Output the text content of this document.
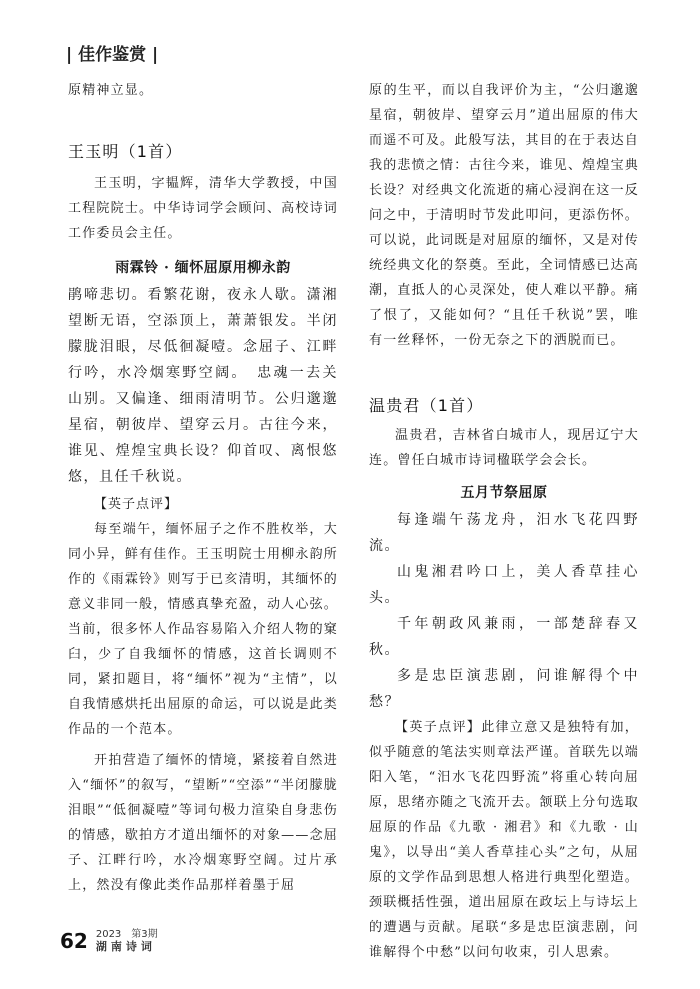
| 佳作鉴赏 |

原精神立显。

王玉明（1首）

王玉明，字韫辉，清华大学教授，中国工程院院士。中华诗词学会顾问、高校诗词工作委员会主任。

雨霖铃 · 缅怀屈原用柳永韵

鹃啼悲切。看繁花谢，夜永人歇。潇湘望断无语，空添顶上，萧萧银发。半闭朦胧泪眼，尽低徊凝噎。念屈子、江畔行吟，水冷烟寒野空阔。　忠魂一去关山别。又偏逢、细雨清明节。公归邈邈星宿，朝彼岸、望穿云月。古往今来，谁见、煌煌宝典长设？仰首叹、离恨悠悠，且任千秋说。

【英子点评】

每至端午，缅怀屈子之作不胜枚举，大同小异，鲜有佳作。王玉明院士用柳永韵所作的《雨霖铃》则写于已亥清明，其缅怀的意义非同一般，情感真挚充盈，动人心弦。当前，很多怀人作品容易陷入介绍人物的窠臼，少了自我缅怀的情感，这首长调则不同，紧扣题目，将“缅怀”视为“主情”，以自我情感烘托出屈原的命运，可以说是此类作品的一个范本。

开拍营造了缅怀的情境，紧接着自然进入“缅怀”的叙写，“望断”“空添”“半闭朦胧泪眼”“低徊凝噎”等词句极力渲染自身悲伤的情感，歇拍方才道出缅怀的对象——念屈子、江畔行吟，水冷烟寒野空阔。过片承上，然没有像此类作品那样着墨于屈

原的生平，而以自我评价为主，“公归邈邈星宿，朝彼岸、望穿云月”道出屈原的伟大而遥不可及。此般写法，其目的在于表达自我的悲愤之情：古往今来，谁见、煌煌宝典长设？对经典文化流逝的痛心浸润在这一反问之中，于清明时节发此叩问，更添伤怀。可以说，此词既是对屈原的缅怀，又是对传统经典文化的祭奠。至此，全词情感已达高潮，直抵人的心灵深处，使人难以平静。痛了恨了，又能如何？“且任千秋说”罢，唯有一丝释怀，一份无奈之下的洒脱而已。

温贵君（1首）

温贵君，吉林省白城市人，现居辽宁大连。曾任白城市诗词楹联学会会长。

五月节祭屈原

每逢端午荡龙舟，汨水飞花四野流。

山鬼湘君吟口上，美人香草挂心头。

千年朝政风兼雨，一部楚辞春又秋。

多是忠臣演悲剧，问谁解得个中愁？

【英子点评】此律立意又是独特有加，似乎随意的笔法实则章法严谨。首联先以端阳入笔，“汨水飞花四野流”将重心转向屈原，思绪亦随之飞流开去。颔联上分句选取屈原的作品《九歌 · 湘君》和《九歌 · 山鬼》，以导出“美人香草挂心头”之句，从屈原的文学作品到思想人格进行典型化塑造。颈联概括性强，道出屈原在政坛上与诗坛上的遭遇与贡献。尾联“多是忠臣演悲剧，问谁解得个中愁”以问句收束，引人思索。

62 2023　第3期
湖南诗词
